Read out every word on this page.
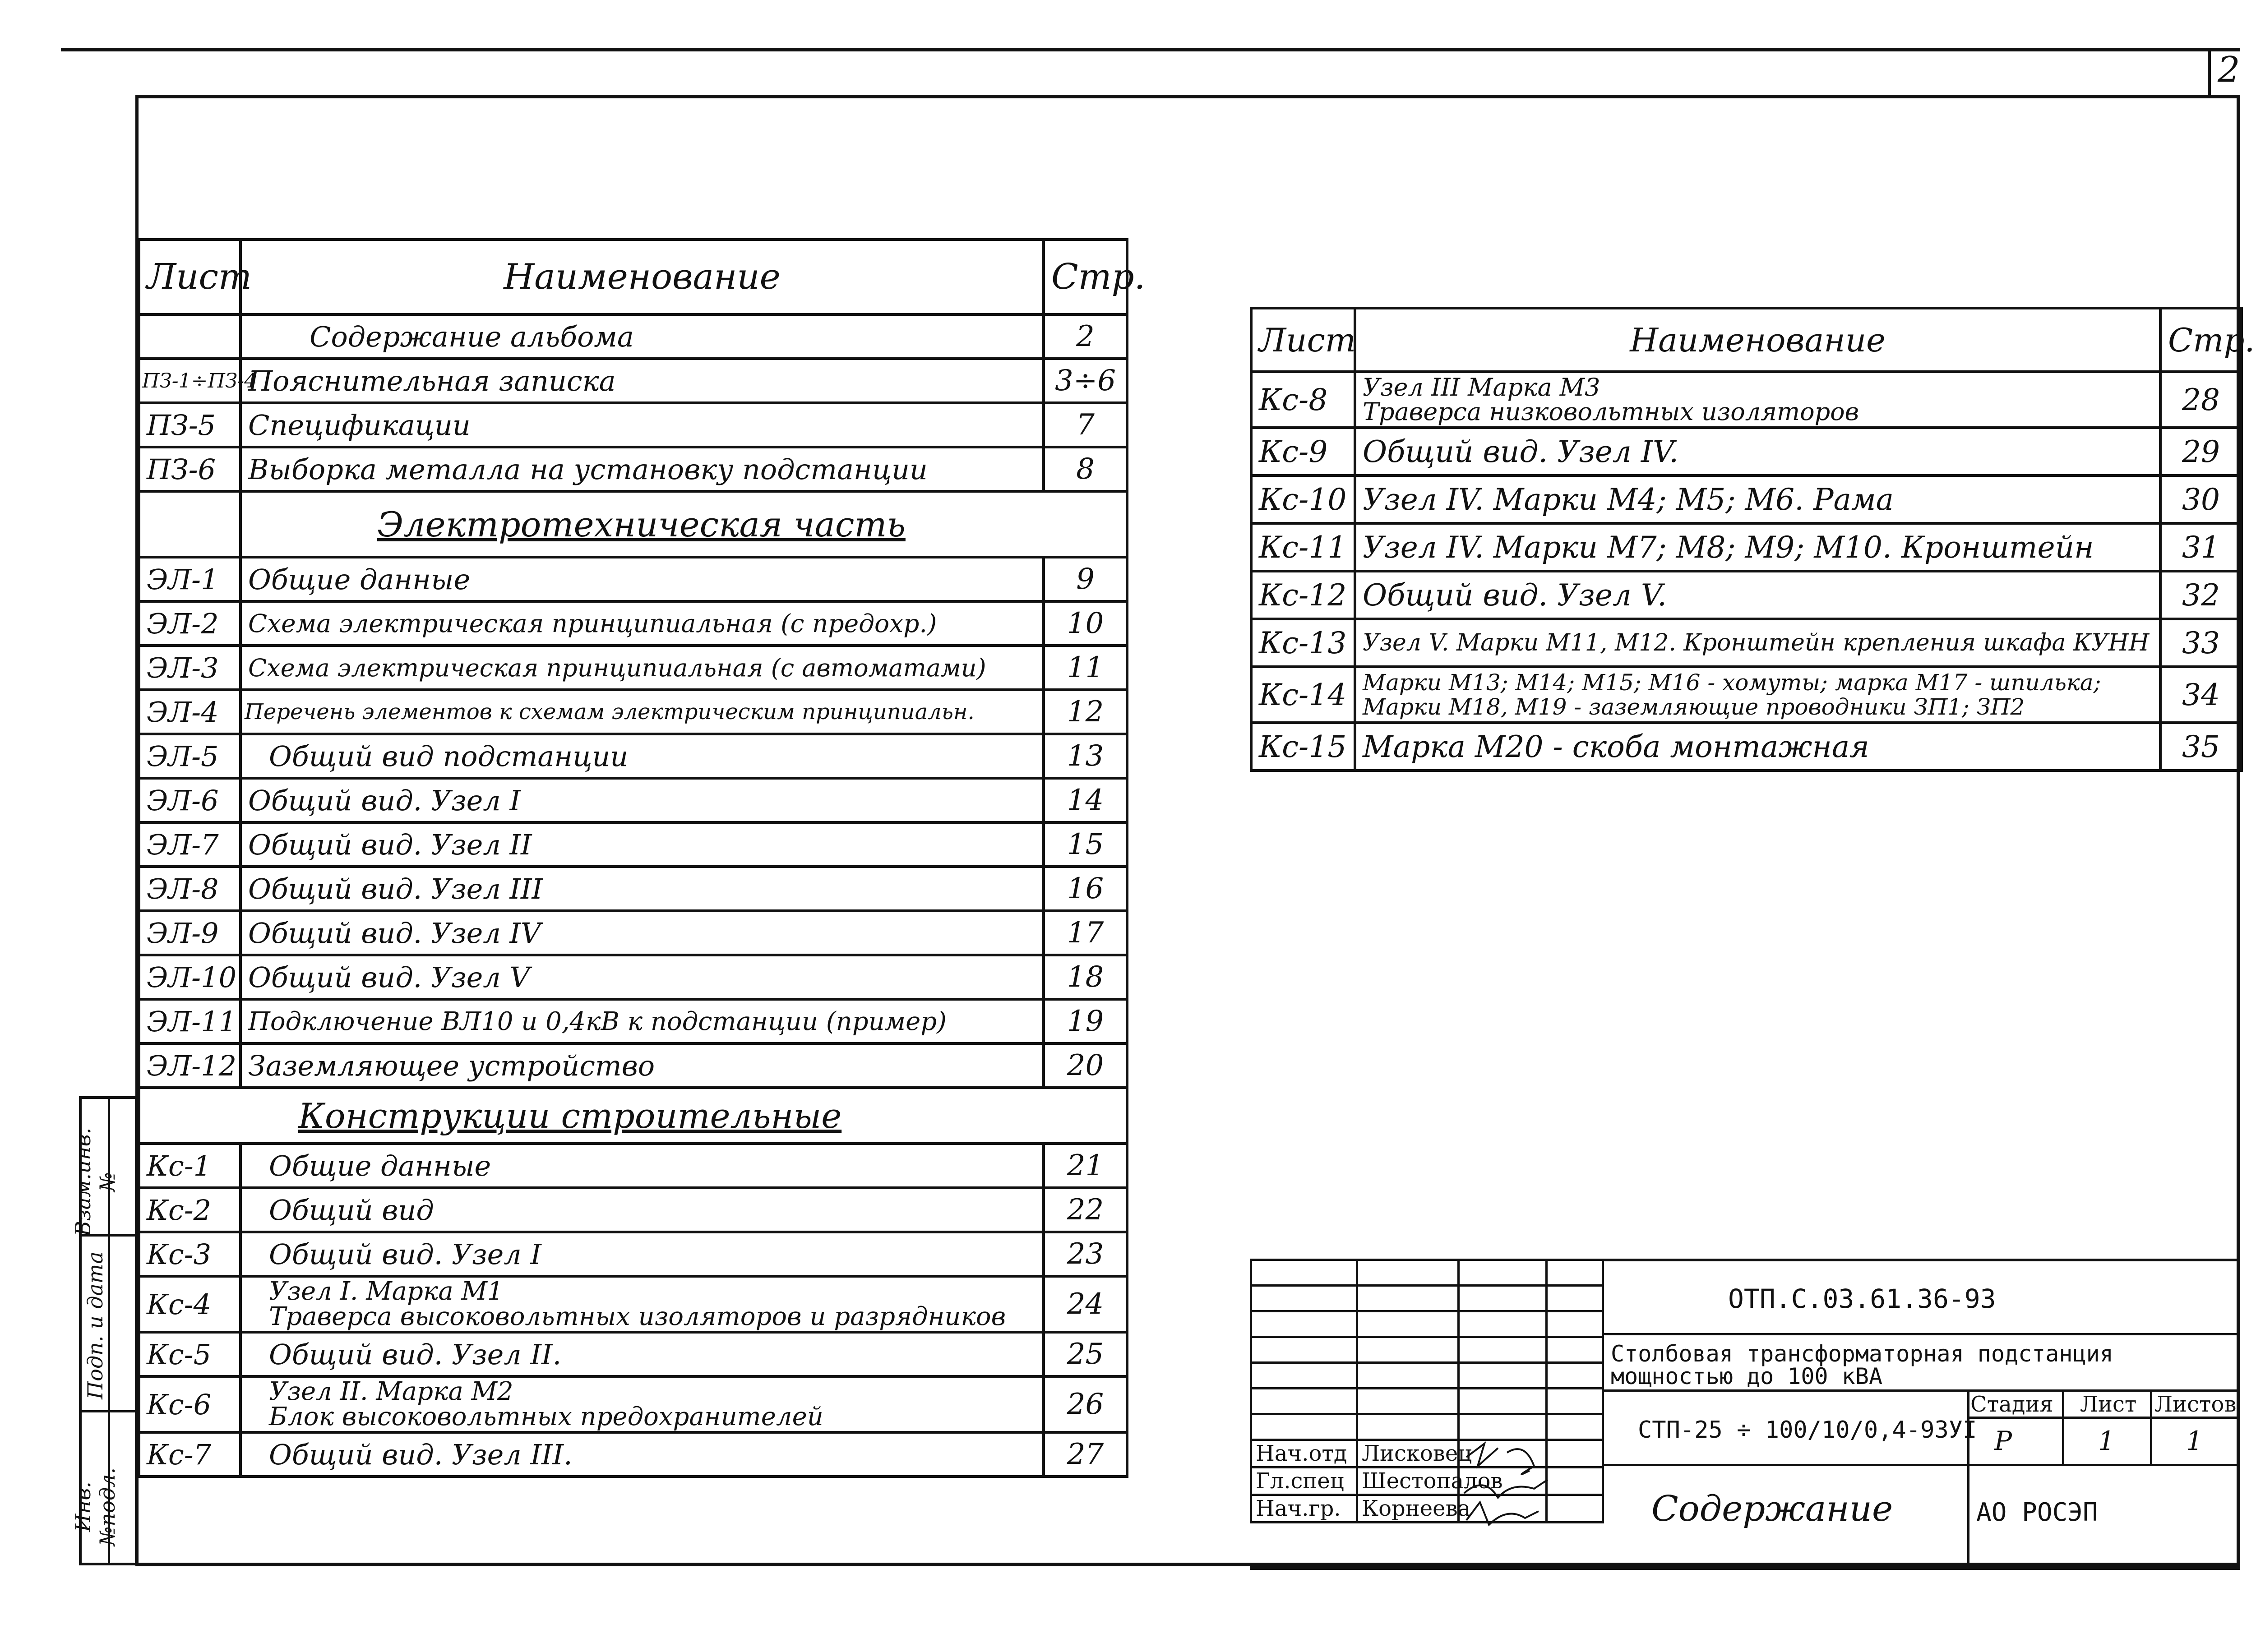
2
Инв.№подл.
Подп. и дата
Взам.инв.№
Лист	Наименование	Стр.
	Содержание альбома	2
ПЗ-1÷ПЗ-4	Пояснительная записка	3÷6
ПЗ-5	Спецификации	7
ПЗ-6	Выборка металла на установку подстанции	8
	Электротехническая часть	
ЭЛ-1	Общие данные	9
ЭЛ-2	Схема электрическая принципиальная (с предохр.)	10
ЭЛ-3	Схема электрическая принципиальная (с автоматами)	11
ЭЛ-4	Перечень элементов к схемам электрическим принципиальн.	12
ЭЛ-5	Общий вид подстанции	13
ЭЛ-6	Общий вид. Узел I	14
ЭЛ-7	Общий вид. Узел II	15
ЭЛ-8	Общий вид. Узел III	16
ЭЛ-9	Общий вид. Узел IV	17
ЭЛ-10	Общий вид. Узел V	18
ЭЛ-11	Подключение ВЛ10 и 0,4кВ к подстанции (пример)	19
ЭЛ-12	Заземляющее устройство	20
Конструкции строительные		
Кс-1	Общие данные	21
Кс-2	Общий вид	22
Кс-3	Общий вид. Узел I	23
Кс-4	Узел I. Марка М1
Траверса высоковольтных изоляторов и разрядников	24
Кс-5	Общий вид. Узел II.	25
Кс-6	Узел II. Марка М2
Блок высоковольтных предохранителей	26
Кс-7	Общий вид. Узел III.	27
Лист	Наименование	Стр.
Кс-8	Узел III Марка М3
Траверса низковольтных изоляторов	28
Кс-9	Общий вид. Узел IV.	29
Кс-10	Узел IV. Марки М4; М5; М6. Рама	30
Кс-11	Узел IV. Марки М7; М8; М9; М10. Кронштейн	31
Кс-12	Общий вид. Узел V.	32
Кс-13	Узел V. Марки М11, М12. Кронштейн крепления шкафа КУНН	33
Кс-14	Марки М13; М14; М15; М16 - хомуты; марка М17 - шпилька;
Марки М18, М19 - заземляющие проводники ЗП1; ЗП2	34
Кс-15	Марка М20 - скоба монтажная	35

Нач.отд	Лисковец		
Гл.спец	Шестопалов		
Нач.гр.	Корнеева		
ОТП.С.03.61.36-93
Столбовая трансформаторная подстанция
мощностью до 100 кВА
СТП-25 ÷ 100/10/0,4-93УI
Стадия Лист Листов
Р	1	1
Содержание	АО РОСЭП
